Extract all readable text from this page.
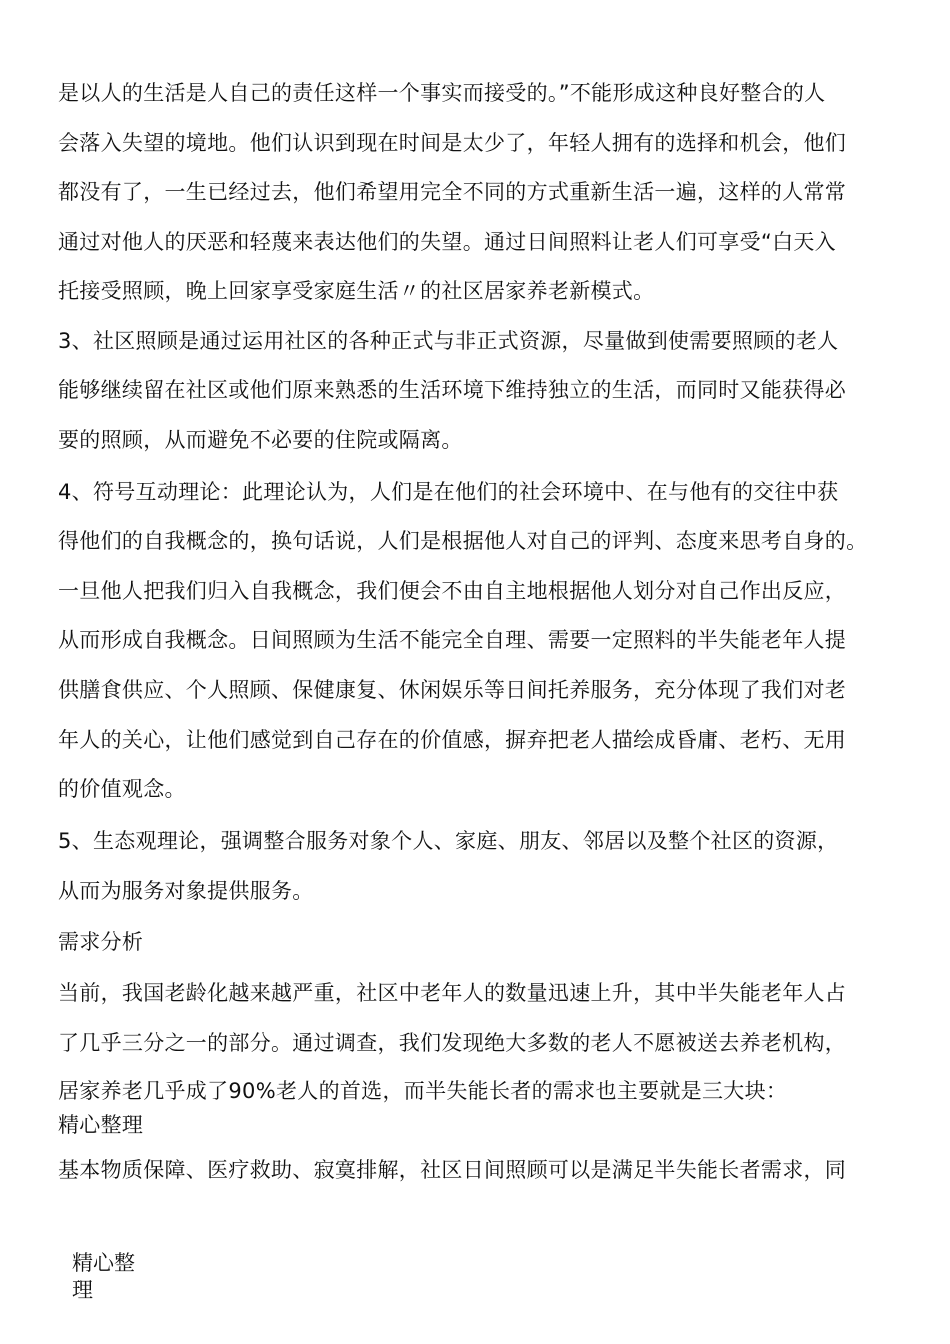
是以人的生活是人自己的责任这样一个事实而接受的。”不能形成这种良好整合的人
会落入失望的境地。他们认识到现在时间是太少了，年轻人拥有的选择和机会，他们
都没有了，一生已经过去，他们希望用完全不同的方式重新生活一遍，这样的人常常
通过对他人的厌恶和轻蔑来表达他们的失望。通过日间照料让老人们可享受“白天入
托接受照顾，晚上回家享受家庭生活〃的社区居家养老新模式。
3、社区照顾是通过运用社区的各种正式与非正式资源，尽量做到使需要照顾的老人
能够继续留在社区或他们原来熟悉的生活环境下维持独立的生活，而同时又能获得必
要的照顾，从而避免不必要的住院或隔离。
4、符号互动理论：此理论认为，人们是在他们的社会环境中、在与他有的交往中获
得他们的自我概念的，换句话说，人们是根据他人对自己的评判、态度来思考自身的。
一旦他人把我们归入自我概念，我们便会不由自主地根据他人划分对自己作出反应，
从而形成自我概念。日间照顾为生活不能完全自理、需要一定照料的半失能老年人提
供膳食供应、个人照顾、保健康复、休闲娱乐等日间托养服务，充分体现了我们对老
年人的关心，让他们感觉到自己存在的价值感，摒弃把老人描绘成昏庸、老朽、无用
的价值观念。
5、生态观理论，强调整合服务对象个人、家庭、朋友、邻居以及整个社区的资源，
从而为服务对象提供服务。
需求分析
当前，我国老龄化越来越严重，社区中老年人的数量迅速上升，其中半失能老年人占
了几乎三分之一的部分。通过调查，我们发现绝大多数的老人不愿被送去养老机构，
居家养老几乎成了90%老人的首选，而半失能长者的需求也主要就是三大块：
精心整理
基本物质保障、医疗救助、寂寞排解，社区日间照顾可以是满足半失能长者需求，同
精心整
理
